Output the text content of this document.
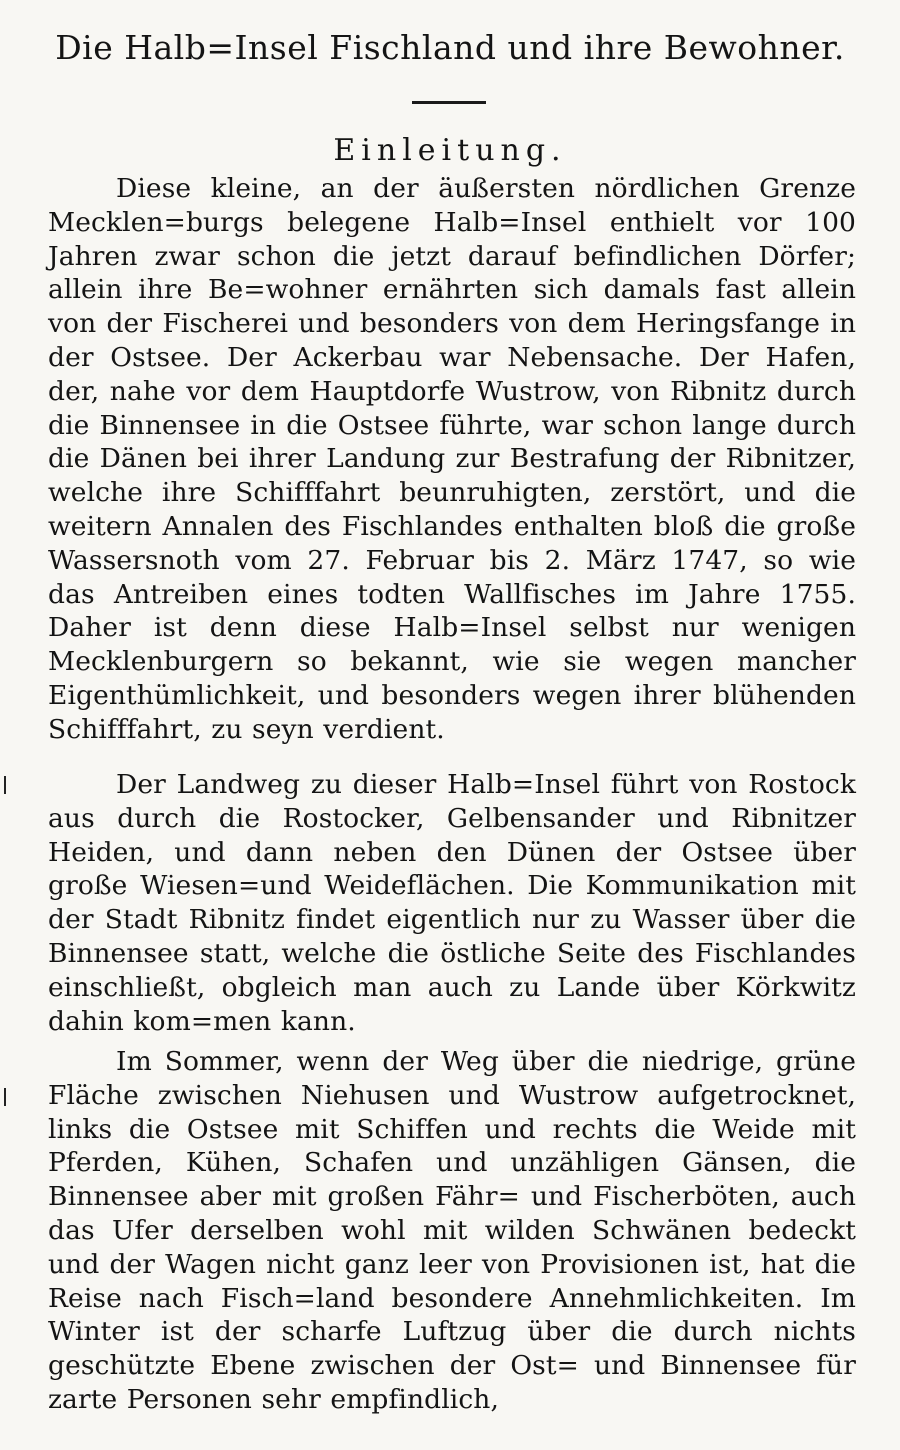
Die Halb=Insel Fischland und ihre Bewohner.
Einleitung.

Diese kleine, an der äußersten nördlichen Grenze Mecklen=burgs belegene Halb=Insel enthielt vor 100 Jahren zwar schon die jetzt darauf befindlichen Dörfer; allein ihre Be=wohner ernährten sich damals fast allein von der Fischerei und besonders von dem Heringsfange in der Ostsee. Der Ackerbau war Nebensache. Der Hafen, der, nahe vor dem Hauptdorfe Wustrow, von Ribnitz durch die Binnensee in die Ostsee führte, war schon lange durch die Dänen bei ihrer Landung zur Bestrafung der Ribnitzer, welche ihre Schifffahrt beunruhigten, zerstört, und die weitern Annalen des Fischlandes enthalten bloß die große Wassersnoth vom 27. Februar bis 2. März 1747, so wie das Antreiben eines todten Wallfisches im Jahre 1755. Daher ist denn diese Halb=Insel selbst nur wenigen Mecklenburgern so bekannt, wie sie wegen mancher Eigenthümlichkeit, und besonders wegen ihrer blühenden Schifffahrt, zu seyn verdient.

Der Landweg zu dieser Halb=Insel führt von Rostock aus durch die Rostocker, Gelbensander und Ribnitzer Heiden, und dann neben den Dünen der Ostsee über große Wiesen=und Weideflächen. Die Kommunikation mit der Stadt Ribnitz findet eigentlich nur zu Wasser über die Binnensee statt, welche die östliche Seite des Fischlandes einschließt, obgleich man auch zu Lande über Körkwitz dahin kom=men kann.

Im Sommer, wenn der Weg über die niedrige, grüne Fläche zwischen Niehusen und Wustrow aufgetrocknet, links die Ostsee mit Schiffen und rechts die Weide mit Pferden, Kühen, Schafen und unzähligen Gänsen, die Binnensee aber mit großen Fähr= und Fischerböten, auch das Ufer derselben wohl mit wilden Schwänen bedeckt und der Wagen nicht ganz leer von Provisionen ist, hat die Reise nach Fisch=land besondere Annehmlichkeiten. Im Winter ist der scharfe Luftzug über die durch nichts geschützte Ebene zwischen der Ost= und Binnensee für zarte Personen sehr empfindlich,
